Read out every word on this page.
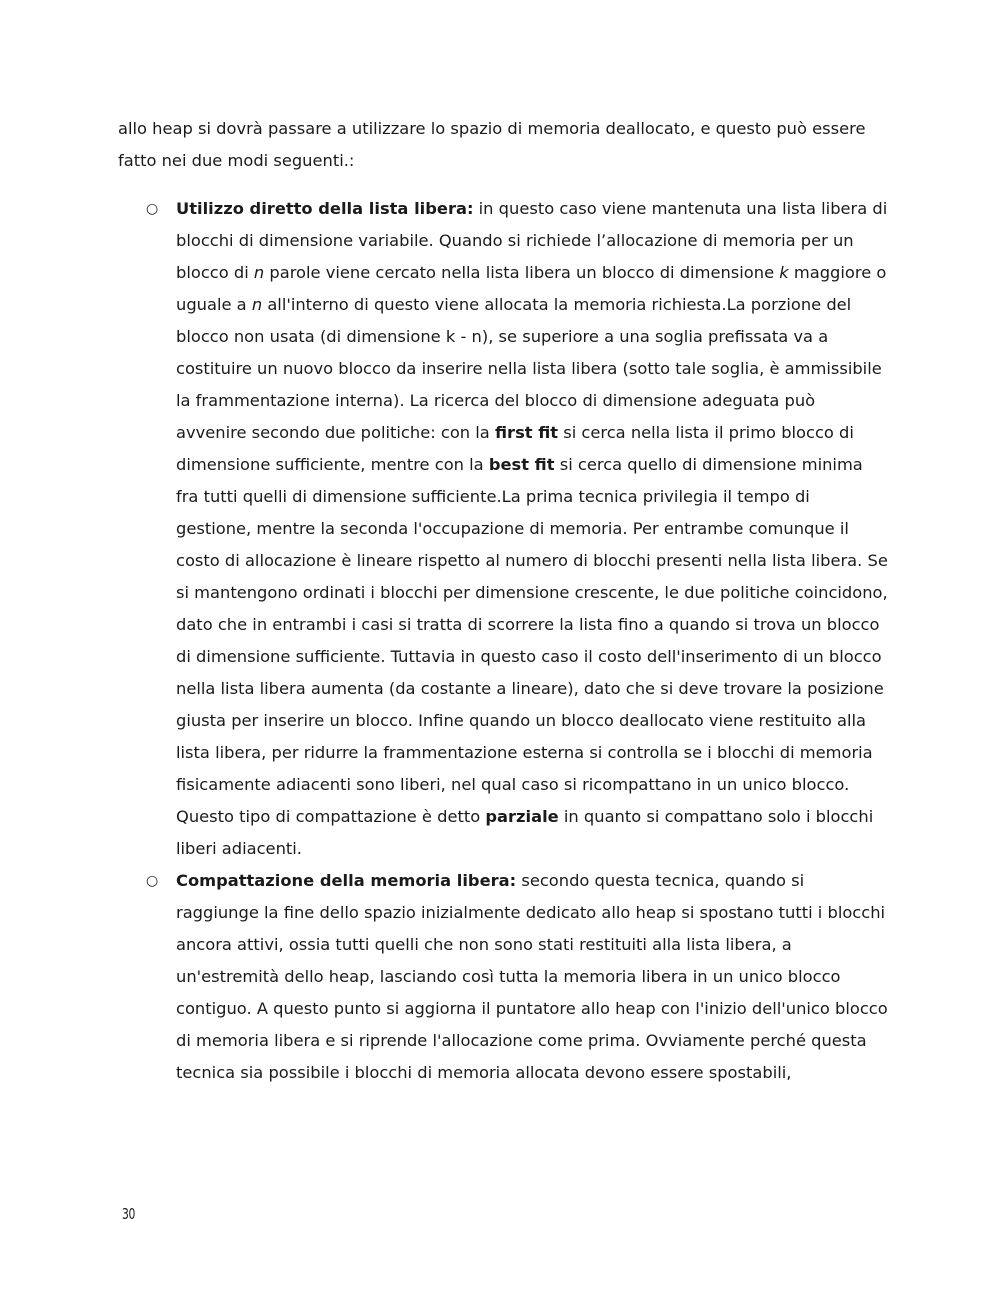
allo heap si dovrà passare a utilizzare lo spazio di memoria deallocato, e questo può essere fatto nei due modi seguenti.:

○ Utilizzo diretto della lista libera: in questo caso viene mantenuta una lista libera di blocchi di dimensione variabile. Quando si richiede l’allocazione di memoria per un blocco di n parole viene cercato nella lista libera un blocco di dimensione k maggiore o uguale a n all'interno di questo viene allocata la memoria richiesta.La porzione del blocco non usata (di dimensione k - n), se superiore a una soglia prefissata va a costituire un nuovo blocco da inserire nella lista libera (sotto tale soglia, è ammissibile la frammentazione interna). La ricerca del blocco di dimensione adeguata può avvenire secondo due politiche: con la first fit si cerca nella lista il primo blocco di dimensione sufficiente, mentre con la best fit si cerca quello di dimensione minima fra tutti quelli di dimensione sufficiente.La prima tecnica privilegia il tempo di gestione, mentre la seconda l'occupazione di memoria. Per entrambe comunque il costo di allocazione è lineare rispetto al numero di blocchi presenti nella lista libera. Se si mantengono ordinati i blocchi per dimensione crescente, le due politiche coincidono, dato che in entrambi i casi si tratta di scorrere la lista fino a quando si trova un blocco di dimensione sufficiente. Tuttavia in questo caso il costo dell'inserimento di un blocco nella lista libera aumenta (da costante a lineare), dato che si deve trovare la posizione giusta per inserire un blocco. Infine quando un blocco deallocato viene restituito alla lista libera, per ridurre la frammentazione esterna si controlla se i blocchi di memoria fisicamente adiacenti sono liberi, nel qual caso si ricompattano in un unico blocco. Questo tipo di compattazione è detto parziale in quanto si compattano solo i blocchi liberi adiacenti.
○ Compattazione della memoria libera: secondo questa tecnica, quando si raggiunge la fine dello spazio inizialmente dedicato allo heap si spostano tutti i blocchi ancora attivi, ossia tutti quelli che non sono stati restituiti alla lista libera, a un'estremità dello heap, lasciando così tutta la memoria libera in un unico blocco contiguo. A questo punto si aggiorna il puntatore allo heap con l'inizio dell'unico blocco di memoria libera e si riprende l'allocazione come prima. Ovviamente perché questa tecnica sia possibile i blocchi di memoria allocata devono essere spostabili,
30
